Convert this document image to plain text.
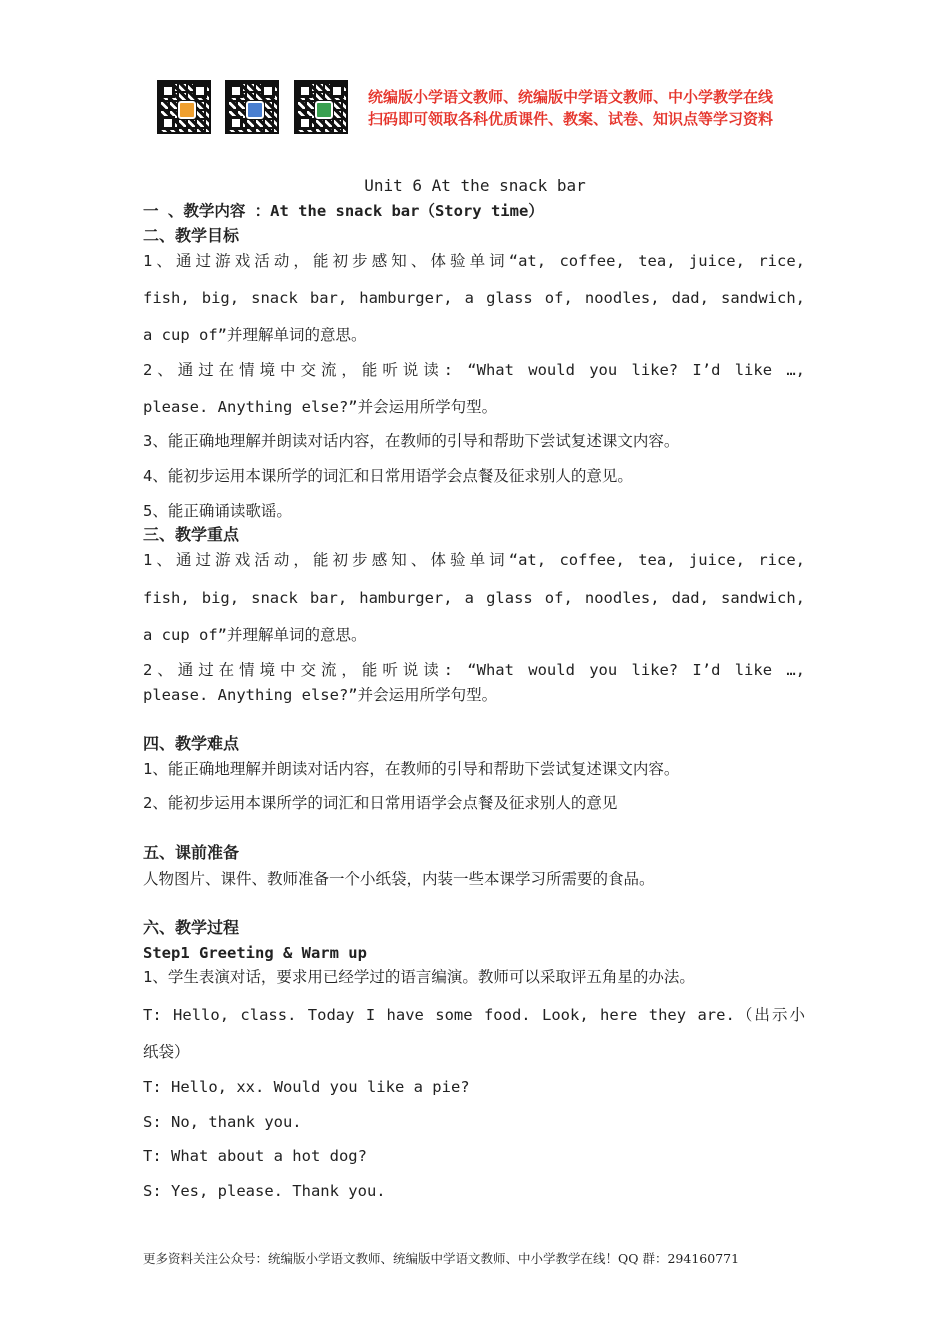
统编版小学语文教师、统编版中学语文教师、中小学教学在线
扫码即可领取各科优质课件、教案、试卷、知识点等学习资料
Unit 6 At the snack bar
一 、教学内容 ：At the snack bar（Story time）
二、教学目标
1、通过游戏活动，能初步感知、体验单词“at, coffee, tea, juice, rice,
fish, big, snack bar, hamburger, a glass of, noodles, dad, sandwich,
a cup of”并理解单词的意思。
2、通过在情境中交流，能听说读: “What would you like? I’d like …,
please. Anything else?”并会运用所学句型。
3、能正确地理解并朗读对话内容，在教师的引导和帮助下尝试复述课文内容。
4、能初步运用本课所学的词汇和日常用语学会点餐及征求别人的意见。
5、能正确诵读歌谣。
三、教学重点
1、通过游戏活动，能初步感知、体验单词“at, coffee, tea, juice, rice,
fish, big, snack bar, hamburger, a glass of, noodles, dad, sandwich,
a cup of”并理解单词的意思。
2、通过在情境中交流，能听说读: “What would you like? I’d like …,
please. Anything else?”并会运用所学句型。
四、教学难点
1、能正确地理解并朗读对话内容，在教师的引导和帮助下尝试复述课文内容。
2、能初步运用本课所学的词汇和日常用语学会点餐及征求别人的意见
五、课前准备
人物图片、课件、教师准备一个小纸袋，内装一些本课学习所需要的食品。
六、教学过程
Step1 Greeting & Warm up
1、学生表演对话，要求用已经学过的语言编演。教师可以采取评五角星的办法。
T: Hello, class. Today I have some food. Look, here they are.（出示小
纸袋）
T: Hello, xx. Would you like a pie?
S: No, thank you.
T: What about a hot dog?
S: Yes, please. Thank you.
更多资料关注公众号：统编版小学语文教师、统编版中学语文教师、中小学教学在线！QQ 群：294160771
